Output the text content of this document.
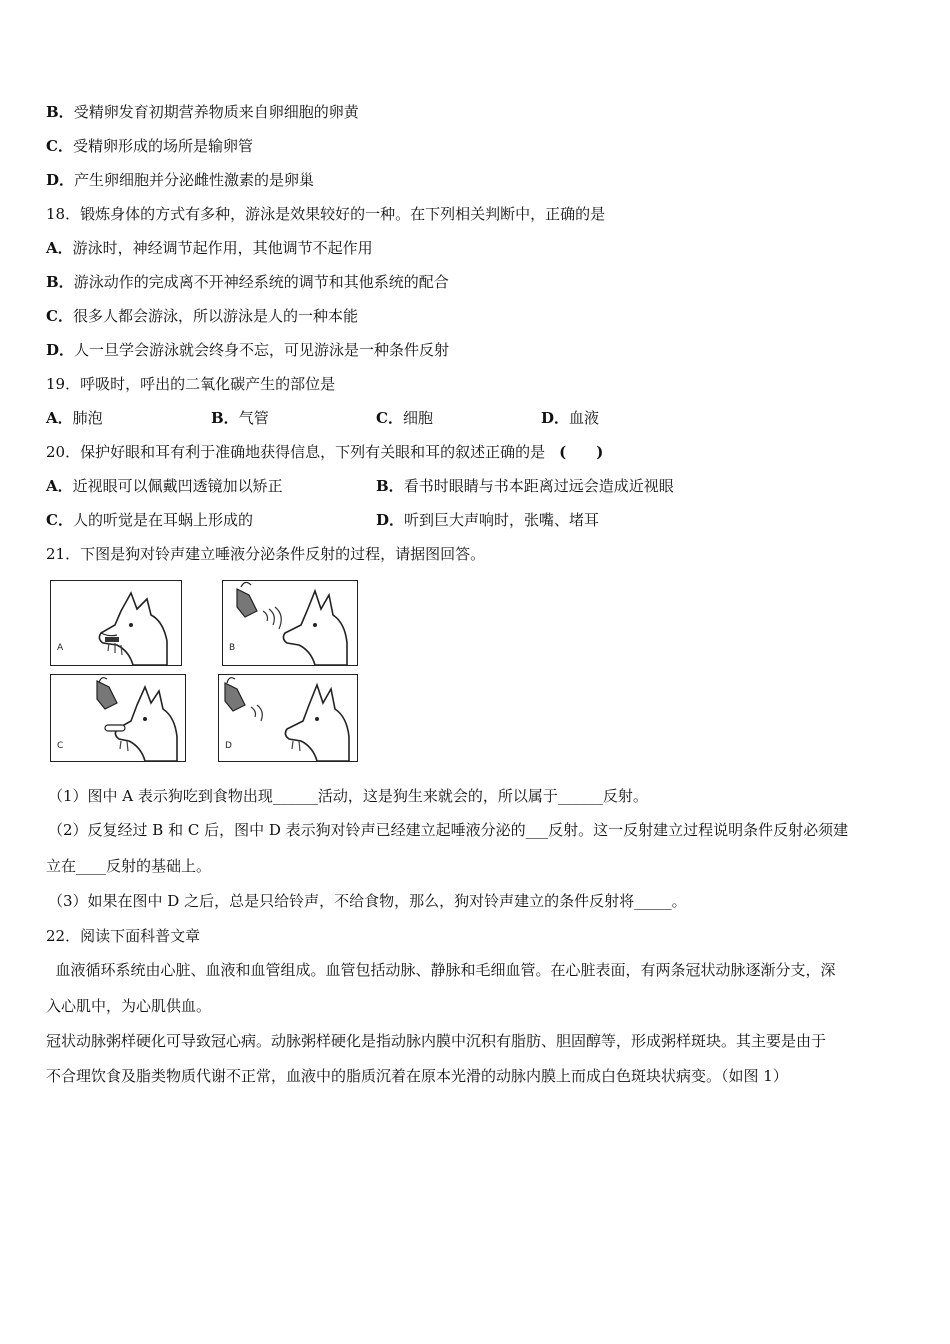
B．受精卵发育初期营养物质来自卵细胞的卵黄
C．受精卵形成的场所是输卵管
D．产生卵细胞并分泌雌性激素的是卵巢
18．锻炼身体的方式有多种，游泳是效果较好的一种。在下列相关判断中，正确的是
A．游泳时，神经调节起作用，其他调节不起作用
B．游泳动作的完成离不开神经系统的调节和其他系统的配合
C．很多人都会游泳，所以游泳是人的一种本能
D．人一旦学会游泳就会终身不忘，可见游泳是一种条件反射
19．呼吸时，呼出的二氧化碳产生的部位是
A．肺泡	B．气管	C．细胞	D．血液
20．保护好眼和耳有利于准确地获得信息，下列有关眼和耳的叙述正确的是 (　　)
A．近视眼可以佩戴凹透镜加以矫正	B．看书时眼睛与书本距离过远会造成近视眼
C．人的听觉是在耳蜗上形成的	D．听到巨大声响时，张嘴、堵耳
21．下图是狗对铃声建立唾液分泌条件反射的过程，请据图回答。
A	B
C	D
（1）图中 A 表示狗吃到食物出现______活动，这是狗生来就会的，所以属于______反射。
（2）反复经过 B 和 C 后，图中 D 表示狗对铃声已经建立起唾液分泌的___反射。这一反射建立过程说明条件反射必须建
立在____反射的基础上。
（3）如果在图中 D 之后，总是只给铃声，不给食物，那么，狗对铃声建立的条件反射将_____。
22．阅读下面科普文章
血液循环系统由心脏、血液和血管组成。血管包括动脉、静脉和毛细血管。在心脏表面，有两条冠状动脉逐渐分支，深
入心肌中，为心肌供血。
冠状动脉粥样硬化可导致冠心病。动脉粥样硬化是指动脉内膜中沉积有脂肪、胆固醇等，形成粥样斑块。其主要是由于
不合理饮食及脂类物质代谢不正常，血液中的脂质沉着在原本光滑的动脉内膜上而成白色斑块状病变。（如图 1）
